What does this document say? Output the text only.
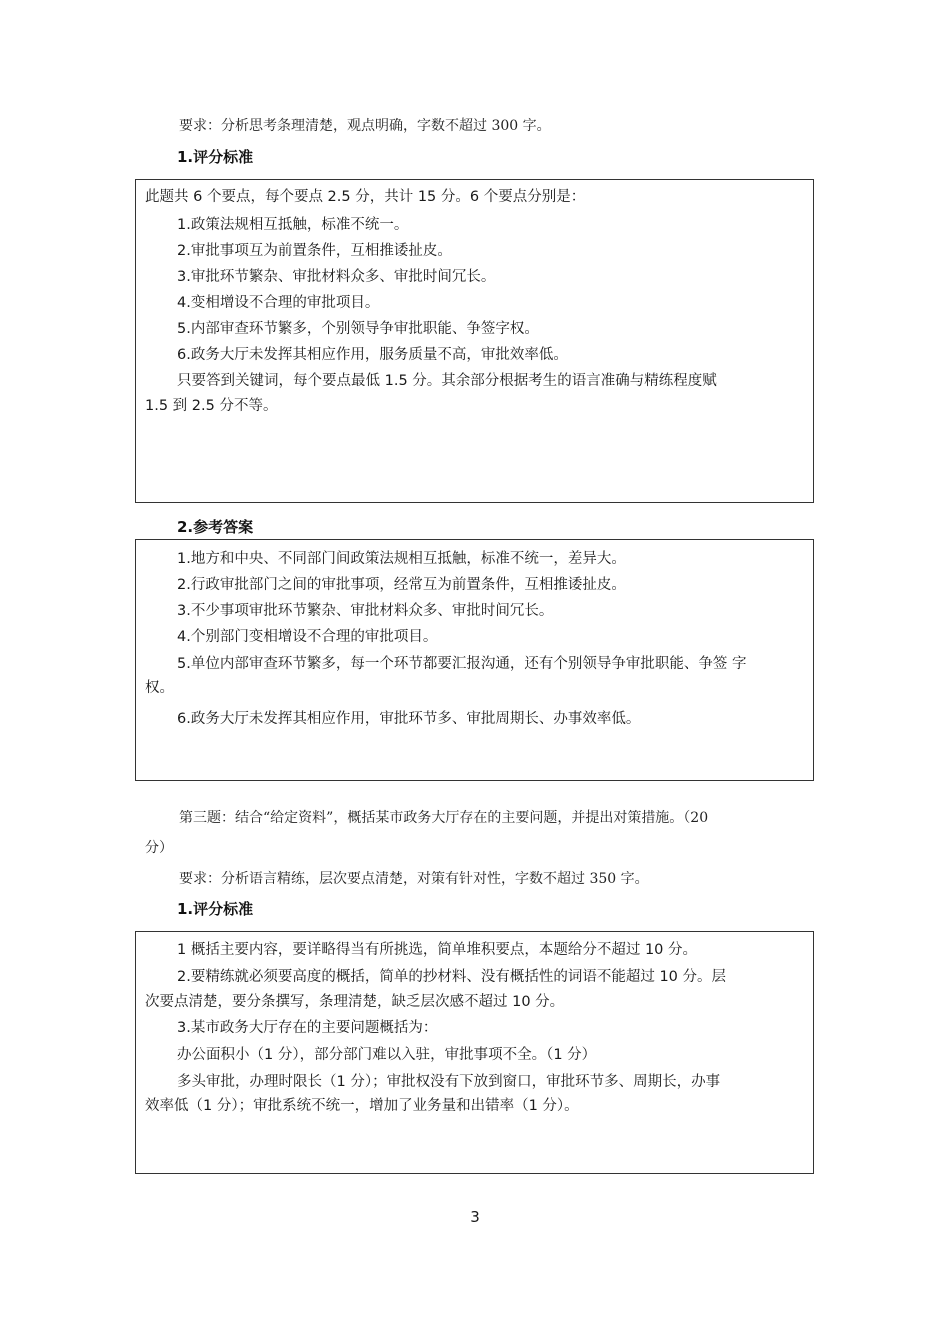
要求：分析思考条理清楚，观点明确，字数不超过 300 字。
1.评分标准
此题共 6 个要点，每个要点 2.5 分，共计 15 分。6 个要点分别是：
1.政策法规相互抵触，标准不统一。
2.审批事项互为前置条件，互相推诿扯皮。
3.审批环节繁杂、审批材料众多、审批时间冗长。
4.变相增设不合理的审批项目。
5.内部审查环节繁多，个别领导争审批职能、争签字权。
6.政务大厅未发挥其相应作用，服务质量不高，审批效率低。
只要答到关键词，每个要点最低 1.5 分。其余部分根据考生的语言准确与精练程度赋
1.5 到 2.5 分不等。
2.参考答案
1.地方和中央、不同部门间政策法规相互抵触，标准不统一，差异大。
2.行政审批部门之间的审批事项，经常互为前置条件，互相推诿扯皮。
3.不少事项审批环节繁杂、审批材料众多、审批时间冗长。
4.个别部门变相增设不合理的审批项目。
5.单位内部审查环节繁多，每一个环节都要汇报沟通，还有个别领导争审批职能、争签 字
权。
6.政务大厅未发挥其相应作用，审批环节多、审批周期长、办事效率低。
第三题：结合“给定资料”，概括某市政务大厅存在的主要问题，并提出对策措施。（20
分）
要求：分析语言精练，层次要点清楚，对策有针对性，字数不超过 350 字。
1.评分标准
1 概括主要内容，要详略得当有所挑选，简单堆积要点，本题给分不超过 10 分。
2.要精练就必须要高度的概括，简单的抄材料、没有概括性的词语不能超过 10 分。层
次要点清楚，要分条撰写，条理清楚，缺乏层次感不超过 10 分。
3.某市政务大厅存在的主要问题概括为：
办公面积小（1 分），部分部门难以入驻，审批事项不全。（1 分）
多头审批，办理时限长（1 分）；审批权没有下放到窗口，审批环节多、周期长，办事
效率低（1 分）；审批系统不统一，增加了业务量和出错率（1 分）。
3
